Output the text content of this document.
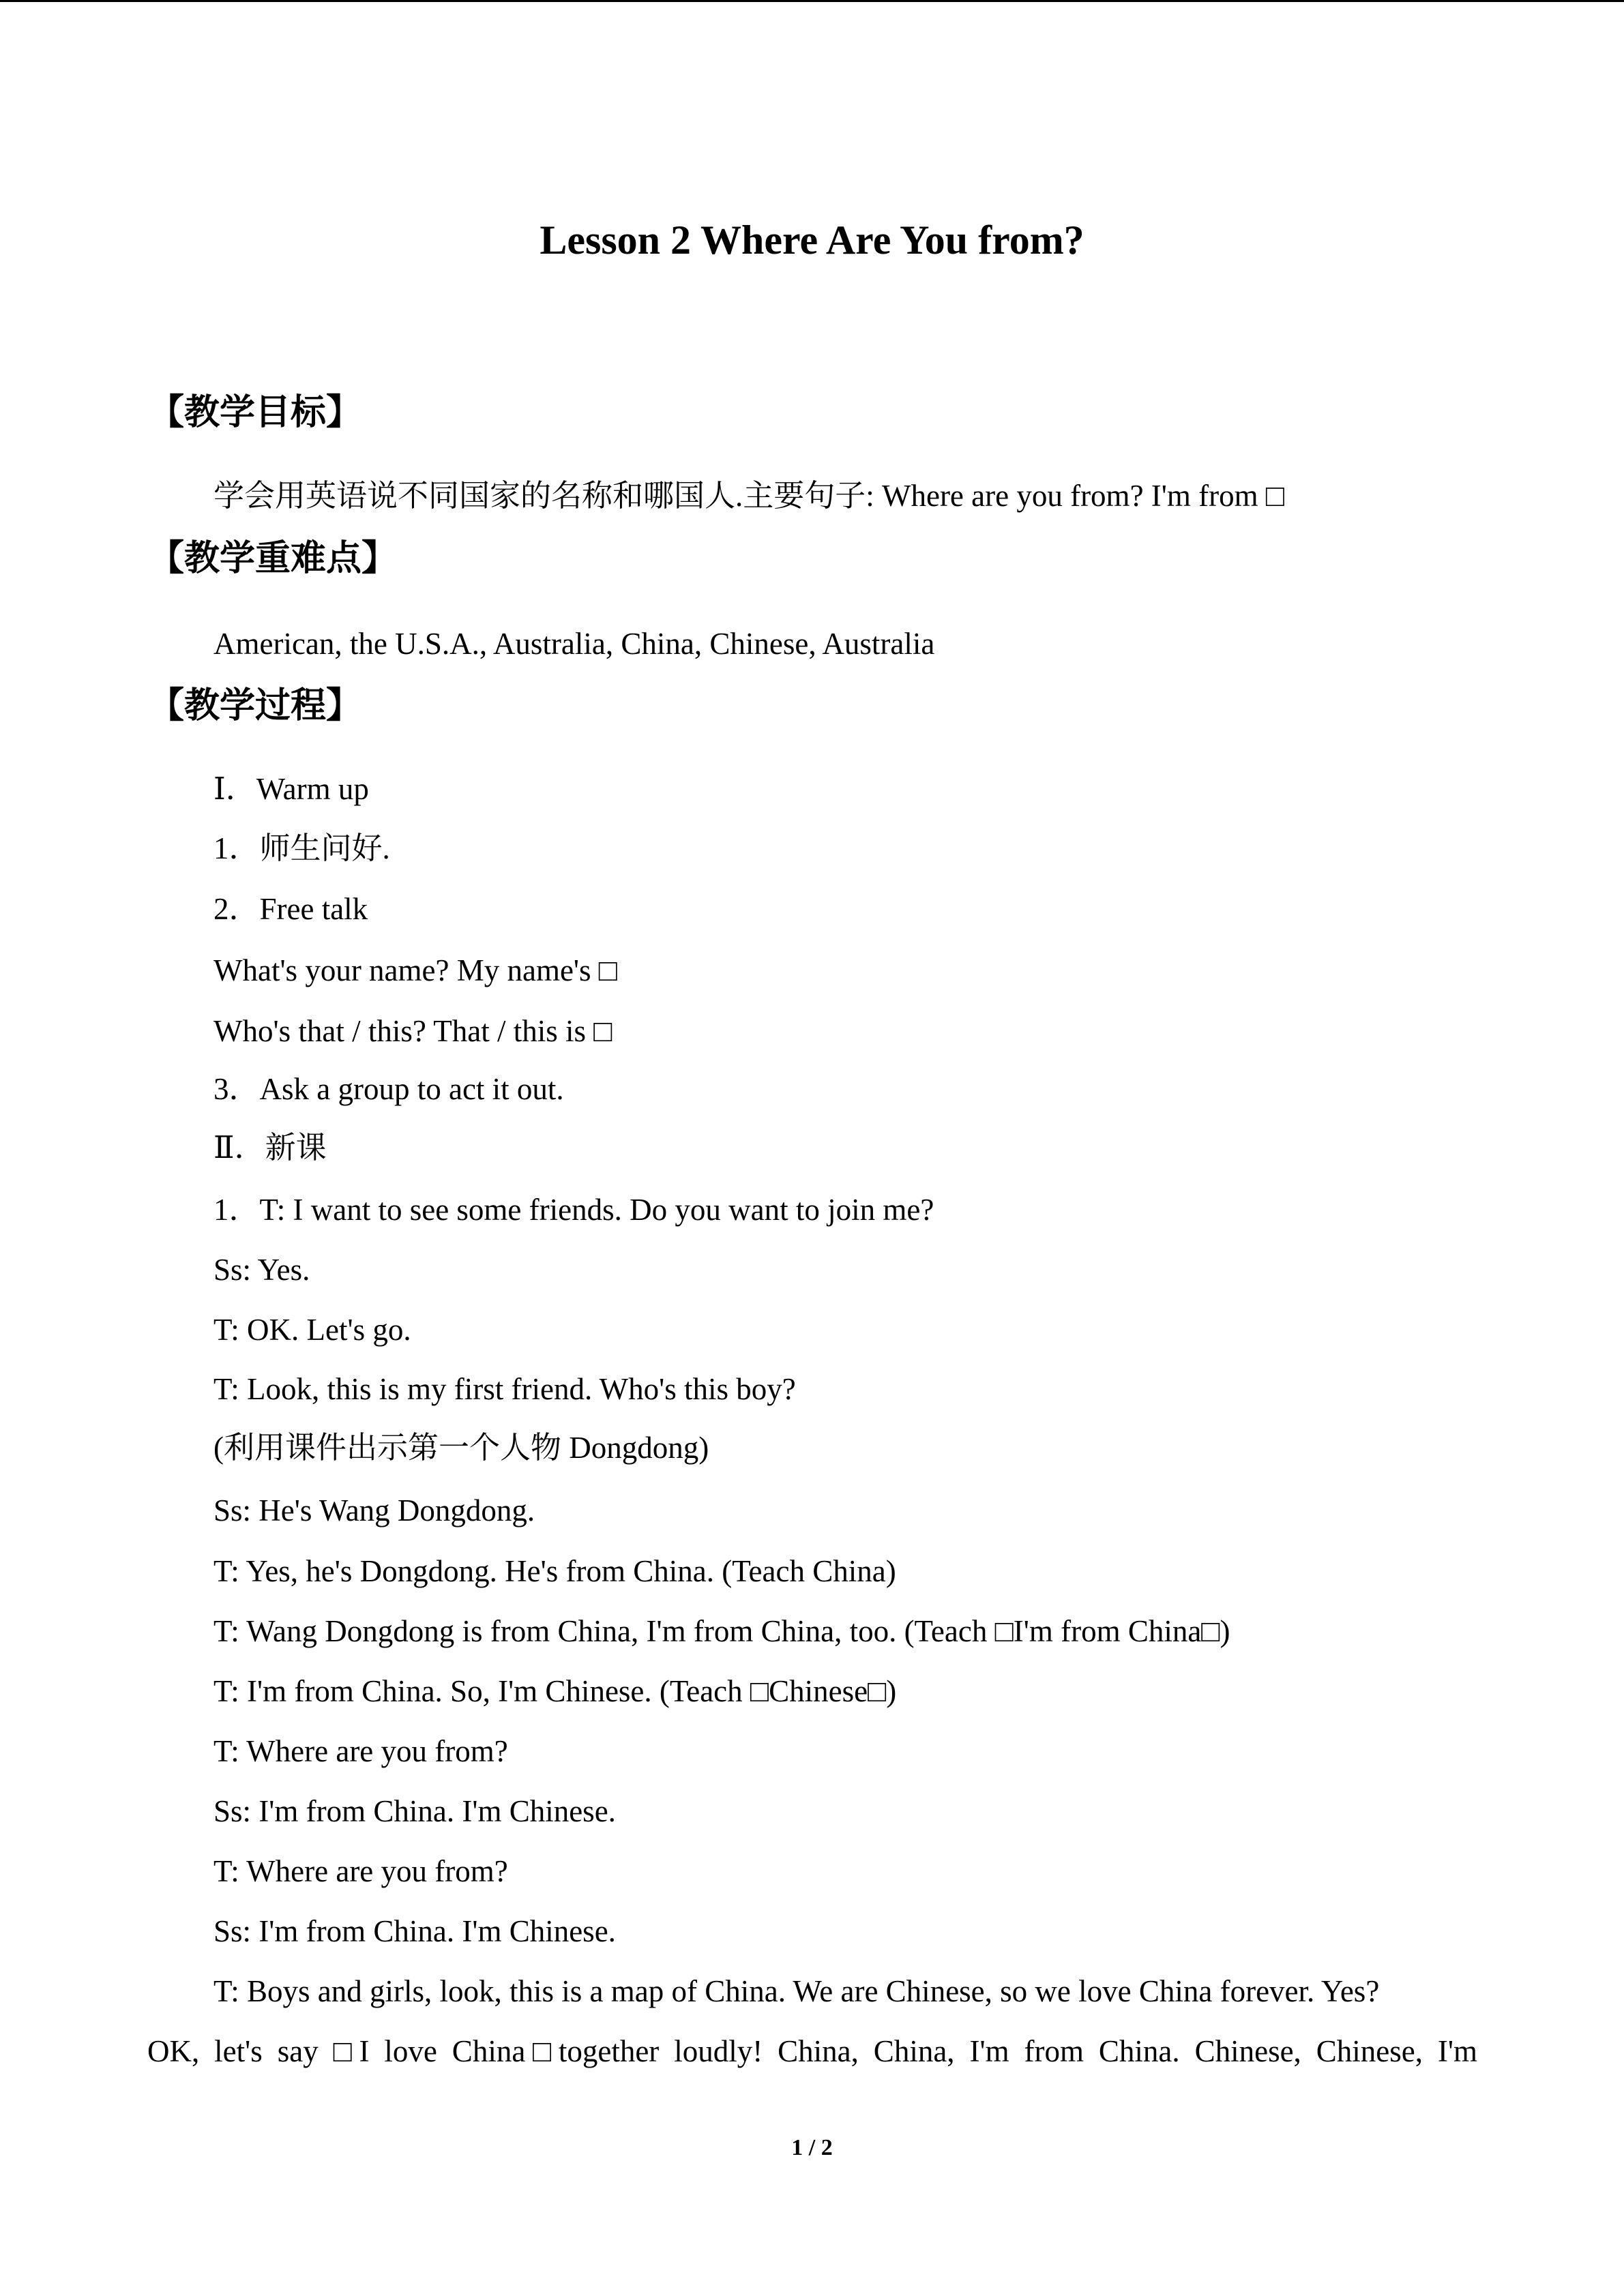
Lesson 2 Where Are You from?
【教学目标】

学会用英语说不同国家的名称和哪国人.主要句子: Where are you from? I'm from □

【教学重难点】

American, the U.S.A., Australia, China, Chinese, Australia

【教学过程】

Ⅰ．Warm up

1．师生问好.

2．Free talk

What's your name? My name's □

Who's that / this? That / this is □

3．Ask a group to act it out.

Ⅱ．新课

1．T: I want to see some friends. Do you want to join me?

Ss: Yes.

T: OK. Let's go.

T: Look, this is my first friend. Who's this boy?

(利用课件出示第一个人物 Dongdong)

Ss: He's Wang Dongdong.

T: Yes, he's Dongdong. He's from China. (Teach China)

T: Wang Dongdong is from China, I'm from China, too. (Teach □I'm from China□)

T: I'm from China. So, I'm Chinese. (Teach □Chinese□)

T: Where are you from?

Ss: I'm from China. I'm Chinese.

T: Where are you from?

Ss: I'm from China. I'm Chinese.

T: Boys and girls, look, this is a map of China. We are Chinese, so we love China forever. Yes?

OK, let's say □I love China□together loudly! China, China, I'm from China. Chinese, Chinese, I'm

1 / 2
